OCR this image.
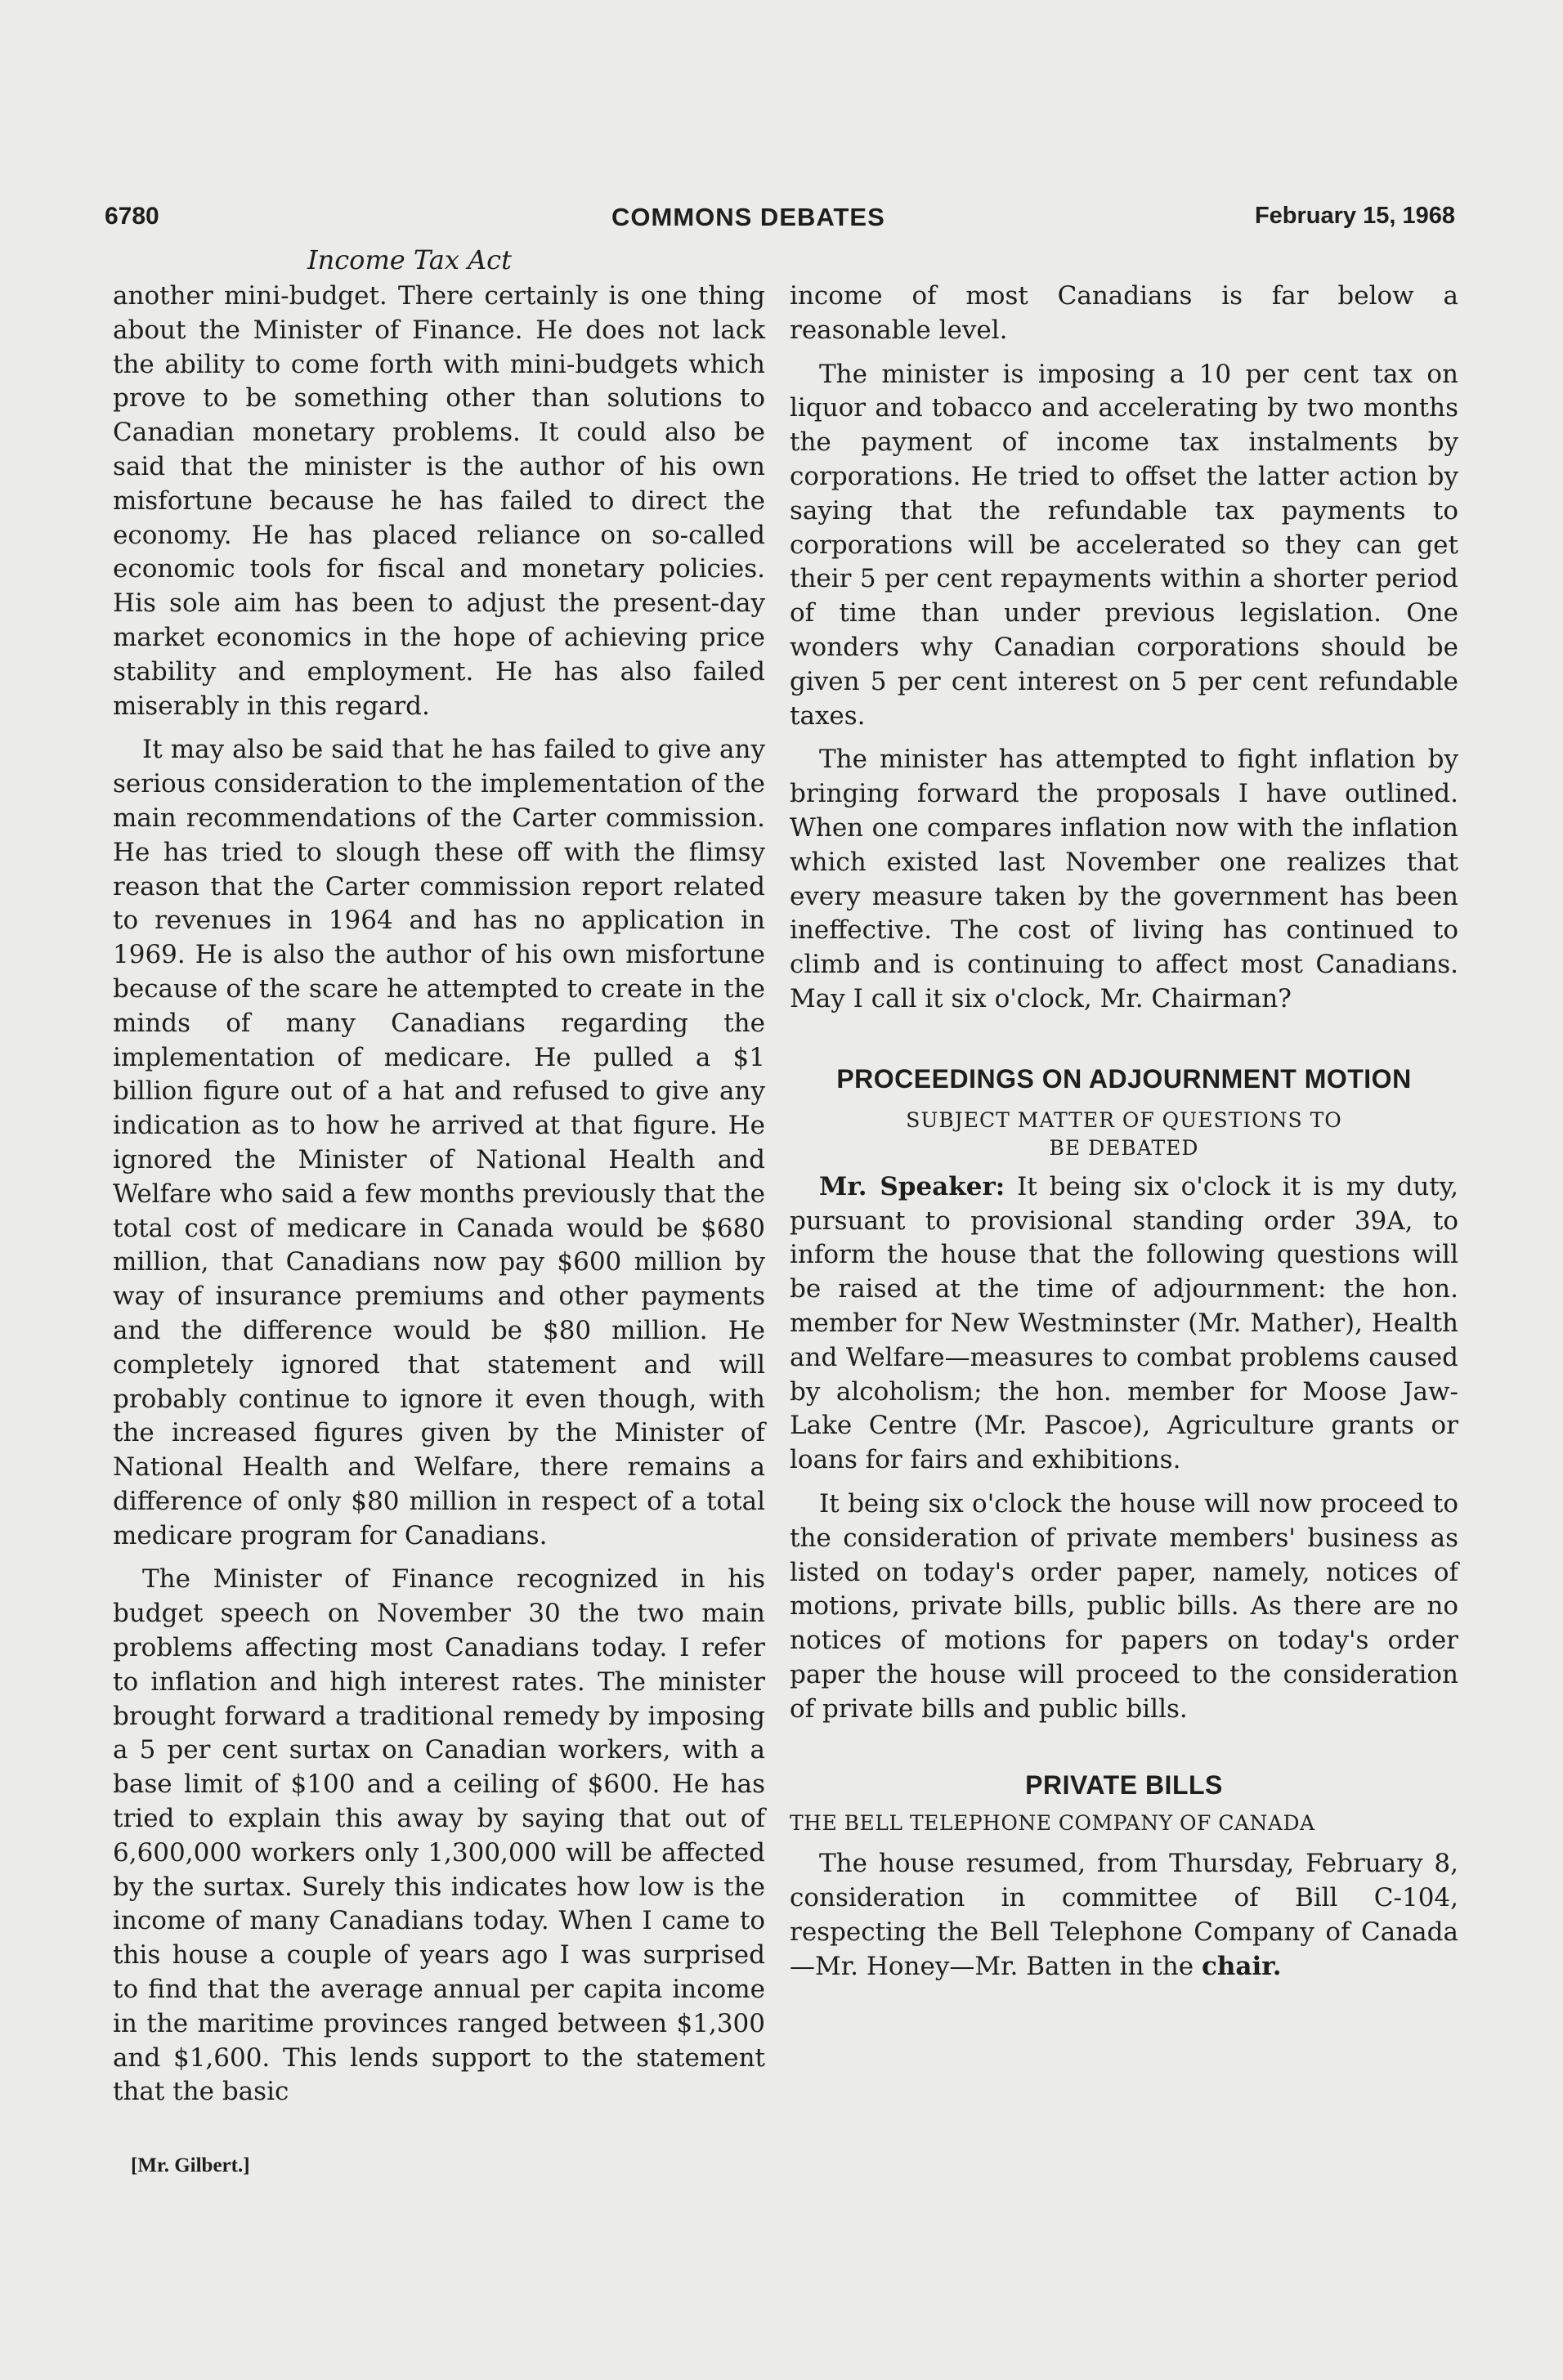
6780	COMMONS DEBATES	February 15, 1968
Income Tax Act

another mini-budget. There certainly is one thing about the Minister of Finance. He does not lack the ability to come forth with mini-budgets which prove to be something other than solutions to Canadian monetary problems. It could also be said that the minister is the author of his own misfortune because he has failed to direct the economy. He has placed reliance on so-called economic tools for fiscal and monetary policies. His sole aim has been to adjust the present-day market economics in the hope of achieving price stability and employment. He has also failed miserably in this regard.

It may also be said that he has failed to give any serious consideration to the implementation of the main recommendations of the Carter commission. He has tried to slough these off with the flimsy reason that the Carter commission report related to revenues in 1964 and has no application in 1969. He is also the author of his own misfortune because of the scare he attempted to create in the minds of many Canadians regarding the implementation of medicare. He pulled a $1 billion figure out of a hat and refused to give any indication as to how he arrived at that figure. He ignored the Minister of National Health and Welfare who said a few months previously that the total cost of medicare in Canada would be $680 million, that Canadians now pay $600 million by way of insurance premiums and other payments and the difference would be $80 million. He completely ignored that statement and will probably continue to ignore it even though, with the increased figures given by the Minister of National Health and Welfare, there remains a difference of only $80 million in respect of a total medicare program for Canadians.

The Minister of Finance recognized in his budget speech on November 30 the two main problems affecting most Canadians today. I refer to inflation and high interest rates. The minister brought forward a traditional remedy by imposing a 5 per cent surtax on Canadian workers, with a base limit of $100 and a ceiling of $600. He has tried to explain this away by saying that out of 6,600,000 workers only 1,300,000 will be affected by the surtax. Surely this indicates how low is the income of many Canadians today. When I came to this house a couple of years ago I was surprised to find that the average annual per capita income in the maritime provinces ranged between $1,300 and $1,600. This lends support to the statement that the basic

income of most Canadians is far below a reasonable level.

The minister is imposing a 10 per cent tax on liquor and tobacco and accelerating by two months the payment of income tax instalments by corporations. He tried to offset the latter action by saying that the refundable tax payments to corporations will be accelerated so they can get their 5 per cent repayments within a shorter period of time than under previous legislation. One wonders why Canadian corporations should be given 5 per cent interest on 5 per cent refundable taxes.

The minister has attempted to fight inflation by bringing forward the proposals I have outlined. When one compares inflation now with the inflation which existed last November one realizes that every measure taken by the government has been ineffective. The cost of living has continued to climb and is continuing to affect most Canadians. May I call it six o'clock, Mr. Chairman?

PROCEEDINGS ON ADJOURNMENT MOTION
SUBJECT MATTER OF QUESTIONS TO BE DEBATED

Mr. Speaker: It being six o'clock it is my duty, pursuant to provisional standing order 39A, to inform the house that the following questions will be raised at the time of adjournment: the hon. member for New Westminster (Mr. Mather), Health and Welfare—measures to combat problems caused by alcoholism; the hon. member for Moose Jaw-Lake Centre (Mr. Pascoe), Agriculture grants or loans for fairs and exhibitions.

It being six o'clock the house will now proceed to the consideration of private members' business as listed on today's order paper, namely, notices of motions, private bills, public bills. As there are no notices of motions for papers on today's order paper the house will proceed to the consideration of private bills and public bills.

PRIVATE BILLS
THE BELL TELEPHONE COMPANY OF CANADA

The house resumed, from Thursday, February 8, consideration in committee of Bill C-104, respecting the Bell Telephone Company of Canada—Mr. Honey—Mr. Batten in the chair.

[Mr. Gilbert.]
